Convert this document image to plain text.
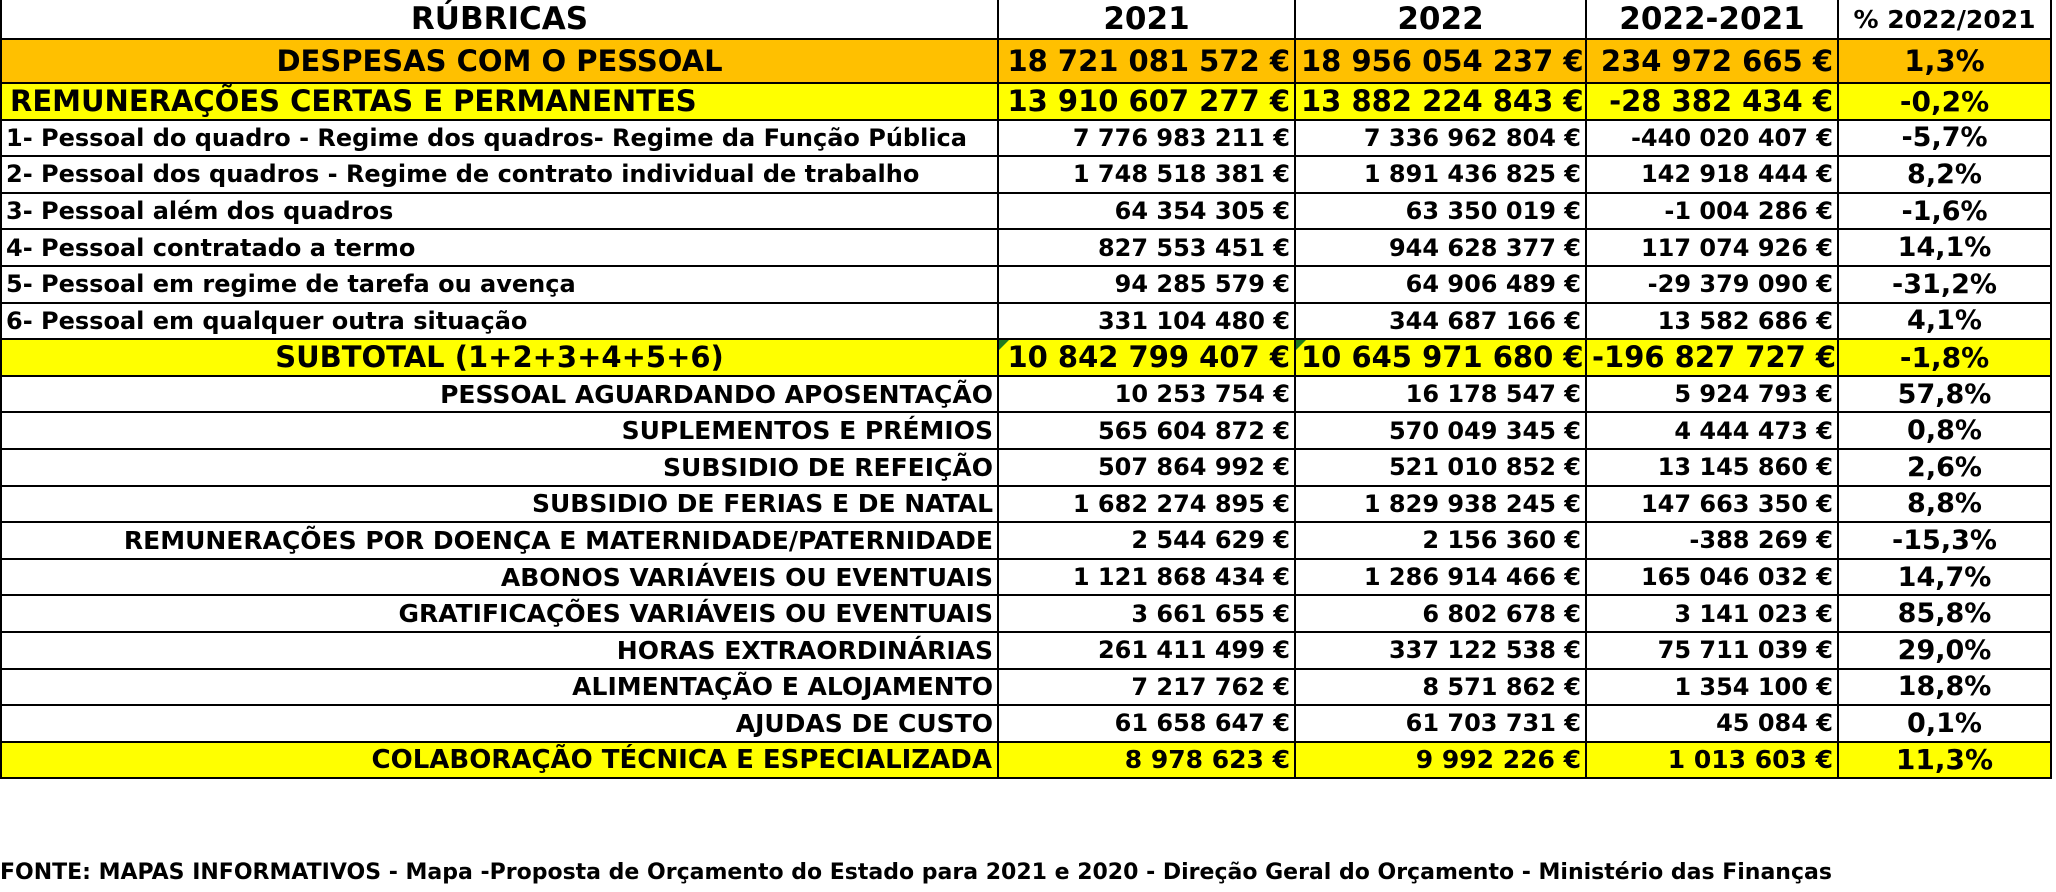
RÚBRICAS	2021	2022	2022-2021	% 2022/2021
DESPESAS COM O PESSOAL	18 721 081 572 €	18 956 054 237 €	234 972 665 €	1,3%
REMUNERAÇÕES CERTAS E PERMANENTES	13 910 607 277 €	13 882 224 843 €	-28 382 434 €	-0,2%
1- Pessoal do quadro - Regime dos quadros- Regime da Função Pública	7 776 983 211 €	7 336 962 804 €	-440 020 407 €	-5,7%
2- Pessoal dos quadros - Regime de contrato individual de trabalho	1 748 518 381 €	1 891 436 825 €	142 918 444 €	8,2%
3- Pessoal além dos quadros	64 354 305 €	63 350 019 €	-1 004 286 €	-1,6%
4- Pessoal contratado a termo	827 553 451 €	944 628 377 €	117 074 926 €	14,1%
5- Pessoal em regime de tarefa ou avença	94 285 579 €	64 906 489 €	-29 379 090 €	-31,2%
6- Pessoal em qualquer outra situação	331 104 480 €	344 687 166 €	13 582 686 €	4,1%
SUBTOTAL (1+2+3+4+5+6)	10 842 799 407 €	10 645 971 680 €	-196 827 727 €	-1,8%
PESSOAL AGUARDANDO APOSENTAÇÃO	10 253 754 €	16 178 547 €	5 924 793 €	57,8%
SUPLEMENTOS E PRÉMIOS	565 604 872 €	570 049 345 €	4 444 473 €	0,8%
SUBSIDIO DE REFEIÇÃO	507 864 992 €	521 010 852 €	13 145 860 €	2,6%
SUBSIDIO DE FERIAS E DE NATAL	1 682 274 895 €	1 829 938 245 €	147 663 350 €	8,8%
REMUNERAÇÕES POR DOENÇA E MATERNIDADE/PATERNIDADE	2 544 629 €	2 156 360 €	-388 269 €	-15,3%
ABONOS VARIÁVEIS OU EVENTUAIS	1 121 868 434 €	1 286 914 466 €	165 046 032 €	14,7%
GRATIFICAÇÕES VARIÁVEIS OU EVENTUAIS	3 661 655 €	6 802 678 €	3 141 023 €	85,8%
HORAS EXTRAORDINÁRIAS	261 411 499 €	337 122 538 €	75 711 039 €	29,0%
ALIMENTAÇÃO E ALOJAMENTO	7 217 762 €	8 571 862 €	1 354 100 €	18,8%
AJUDAS DE CUSTO	61 658 647 €	61 703 731 €	45 084 €	0,1%
COLABORAÇÃO TÉCNICA E ESPECIALIZADA	8 978 623 €	9 992 226 €	1 013 603 €	11,3%
FONTE: MAPAS INFORMATIVOS - Mapa -Proposta de Orçamento do Estado para 2021 e 2020 - Direção Geral do Orçamento - Ministério das Finanças
